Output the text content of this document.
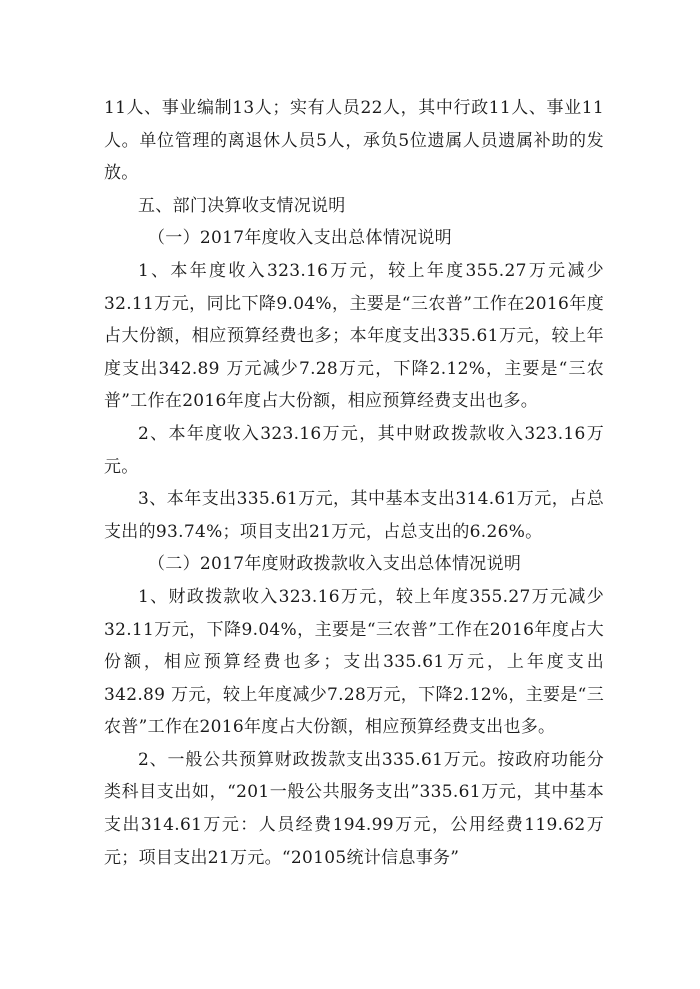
11人、事业编制13人；实有人员22人，其中行政11人、事业11人。单位管理的离退休人员5人，承负5位遗属人员遗属补助的发放。

五、部门决算收支情况说明

（一）2017年度收入支出总体情况说明

1、本年度收入323.16万元，较上年度355.27万元减少32.11万元，同比下降9.04%，主要是“三农普”工作在2016年度占大份额，相应预算经费也多；本年度支出335.61万元，较上年度支出342.89 万元减少7.28万元，下降2.12%，主要是“三农普”工作在2016年度占大份额，相应预算经费支出也多。

2、本年度收入323.16万元，其中财政拨款收入323.16万元。

3、本年支出335.61万元，其中基本支出314.61万元，占总支出的93.74%；项目支出21万元，占总支出的6.26%。

（二）2017年度财政拨款收入支出总体情况说明

1、财政拨款收入323.16万元，较上年度355.27万元减少32.11万元，下降9.04%，主要是“三农普”工作在2016年度占大份额，相应预算经费也多；支出335.61万元，上年度支出342.89 万元，较上年度减少7.28万元，下降2.12%，主要是“三农普”工作在2016年度占大份额，相应预算经费支出也多。

2、一般公共预算财政拨款支出335.61万元。按政府功能分类科目支出如，“201一般公共服务支出”335.61万元，其中基本支出314.61万元：人员经费194.99万元，公用经费119.62万元；项目支出21万元。“20105统计信息事务”
